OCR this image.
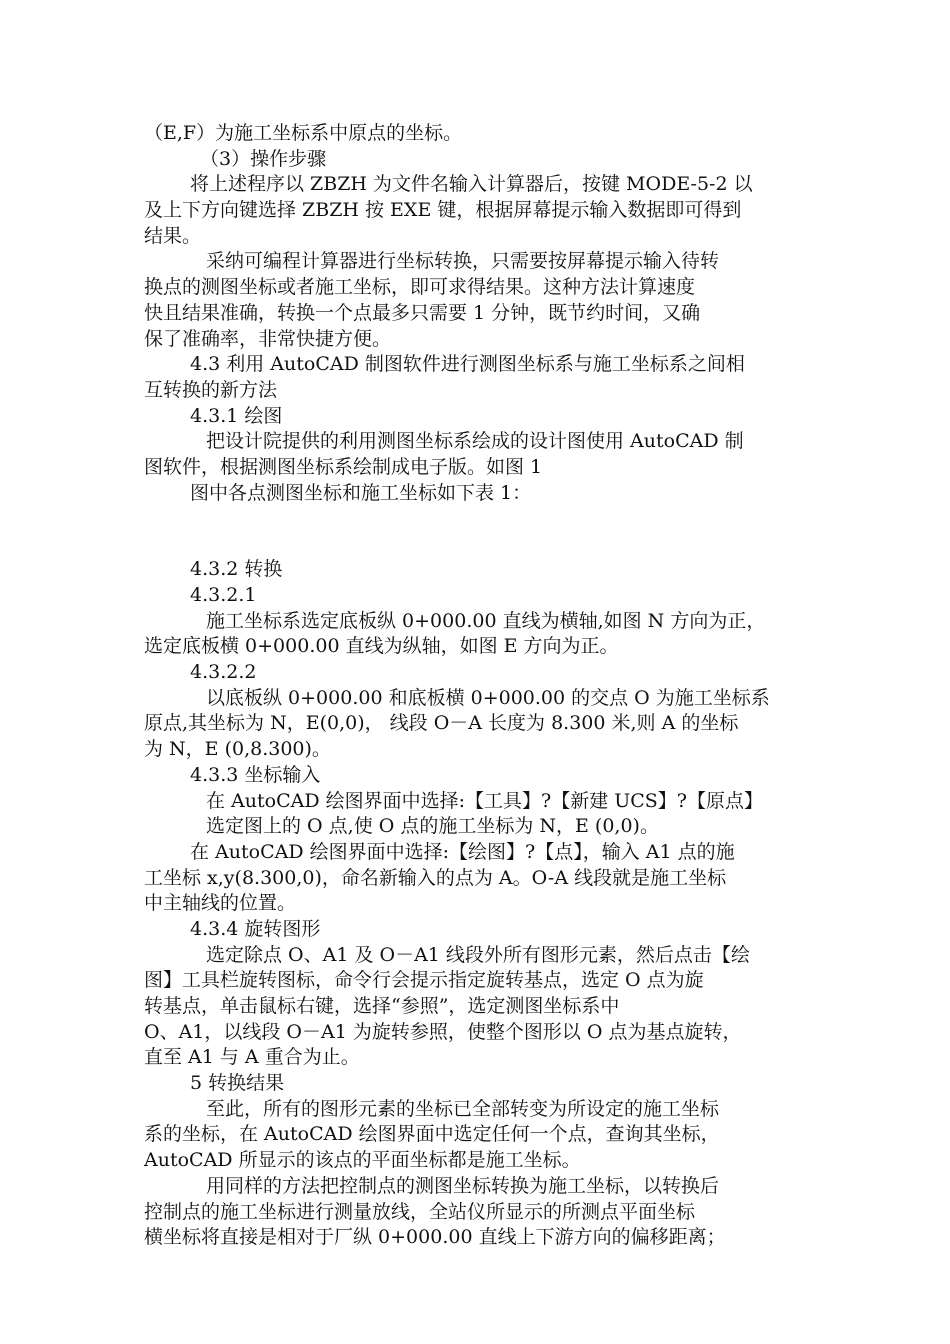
（E,F）为施工坐标系中原点的坐标。
（3）操作步骤
将上述程序以 ZBZH 为文件名输入计算器后，按键 MODE-5-2 以
及上下方向键选择 ZBZH 按 EXE 键，根据屏幕提示输入数据即可得到
结果。
采纳可编程计算器进行坐标转换，只需要按屏幕提示输入待转
换点的测图坐标或者施工坐标，即可求得结果。这种方法计算速度
快且结果准确，转换一个点最多只需要 1 分钟，既节约时间，又确
保了准确率，非常快捷方便。
4.3 利用 AutoCAD 制图软件进行测图坐标系与施工坐标系之间相
互转换的新方法
4.3.1 绘图
把设计院提供的利用测图坐标系绘成的设计图使用 AutoCAD 制
图软件，根据测图坐标系绘制成电子版。如图 1
图中各点测图坐标和施工坐标如下表 1：
4.3.2 转换
4.3.2.1
施工坐标系选定底板纵 0+000.00 直线为横轴,如图 N 方向为正，
选定底板横 0+000.00 直线为纵轴，如图 E 方向为正。
4.3.2.2
以底板纵 0+000.00 和底板横 0+000.00 的交点 O 为施工坐标系
原点,其坐标为 N，E(0,0)， 线段 O－A 长度为 8.300 米,则 A 的坐标
为 N，E (0,8.300)。
4.3.3 坐标输入
在 AutoCAD 绘图界面中选择:【工具】?【新建 UCS】?【原点】
选定图上的 O 点,使 O 点的施工坐标为 N，E (0,0)。
在 AutoCAD 绘图界面中选择:【绘图】?【点】，输入 A1 点的施
工坐标 x,y(8.300,0)，命名新输入的点为 A。O-A 线段就是施工坐标
中主轴线的位置。
4.3.4 旋转图形
选定除点 O、A1 及 O－A1 线段外所有图形元素，然后点击【绘
图】工具栏旋转图标，命令行会提示指定旋转基点，选定 O 点为旋
转基点，单击鼠标右键，选择“参照”，选定测图坐标系中
O、A1，以线段 O－A1 为旋转参照，使整个图形以 O 点为基点旋转，
直至 A1 与 A 重合为止。
5 转换结果
至此，所有的图形元素的坐标已全部转变为所设定的施工坐标
系的坐标，在 AutoCAD 绘图界面中选定任何一个点，查询其坐标，
AutoCAD 所显示的该点的平面坐标都是施工坐标。
用同样的方法把控制点的测图坐标转换为施工坐标，以转换后
控制点的施工坐标进行测量放线，全站仪所显示的所测点平面坐标
横坐标将直接是相对于厂纵 0+000.00 直线上下游方向的偏移距离；
